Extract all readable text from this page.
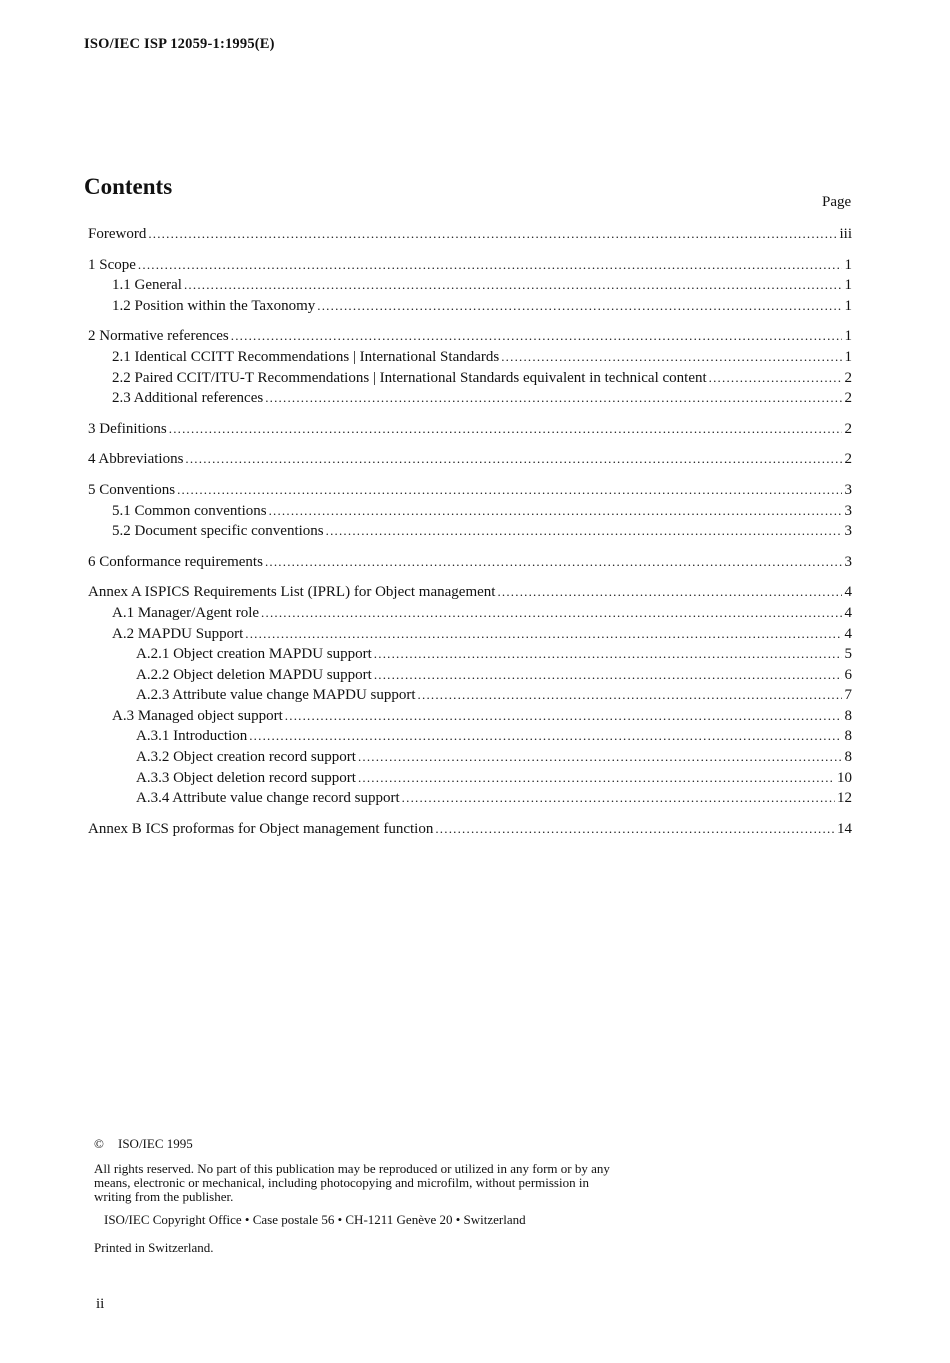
ISO/IEC ISP 12059-1:1995(E)
Contents
Page
Foreword .....	iii
1 Scope .....	1
1.1 General .....	1
1.2 Position within the Taxonomy .....	1
2 Normative references .....	1
2.1 Identical CCITT Recommendations | International Standards .....	1
2.2 Paired CCIT/ITU-T Recommendations | International Standards equivalent in technical content .....	2
2.3 Additional references .....	2
3 Definitions .....	2
4 Abbreviations .....	2
5 Conventions .....	3
5.1 Common conventions .....	3
5.2 Document specific conventions .....	3
6 Conformance requirements .....	3
Annex A ISPICS Requirements List (IPRL) for Object management .....	4
A.1 Manager/Agent role .....	4
A.2 MAPDU Support .....	4
A.2.1 Object creation MAPDU support .....	5
A.2.2 Object deletion MAPDU support .....	6
A.2.3 Attribute value change MAPDU support .....	7
A.3 Managed object support .....	8
A.3.1 Introduction .....	8
A.3.2 Object creation record support .....	8
A.3.3 Object deletion record support .....	10
A.3.4 Attribute value change record support .....	12
Annex B ICS proformas for Object management function .....	14
© ISO/IEC 1995
All rights reserved. No part of this publication may be reproduced or utilized in any form or by any means, electronic or mechanical, including photocopying and microfilm, without permission in writing from the publisher.
ISO/IEC Copyright Office • Case postale 56 • CH-1211 Genève 20 • Switzerland
Printed in Switzerland.
ii
